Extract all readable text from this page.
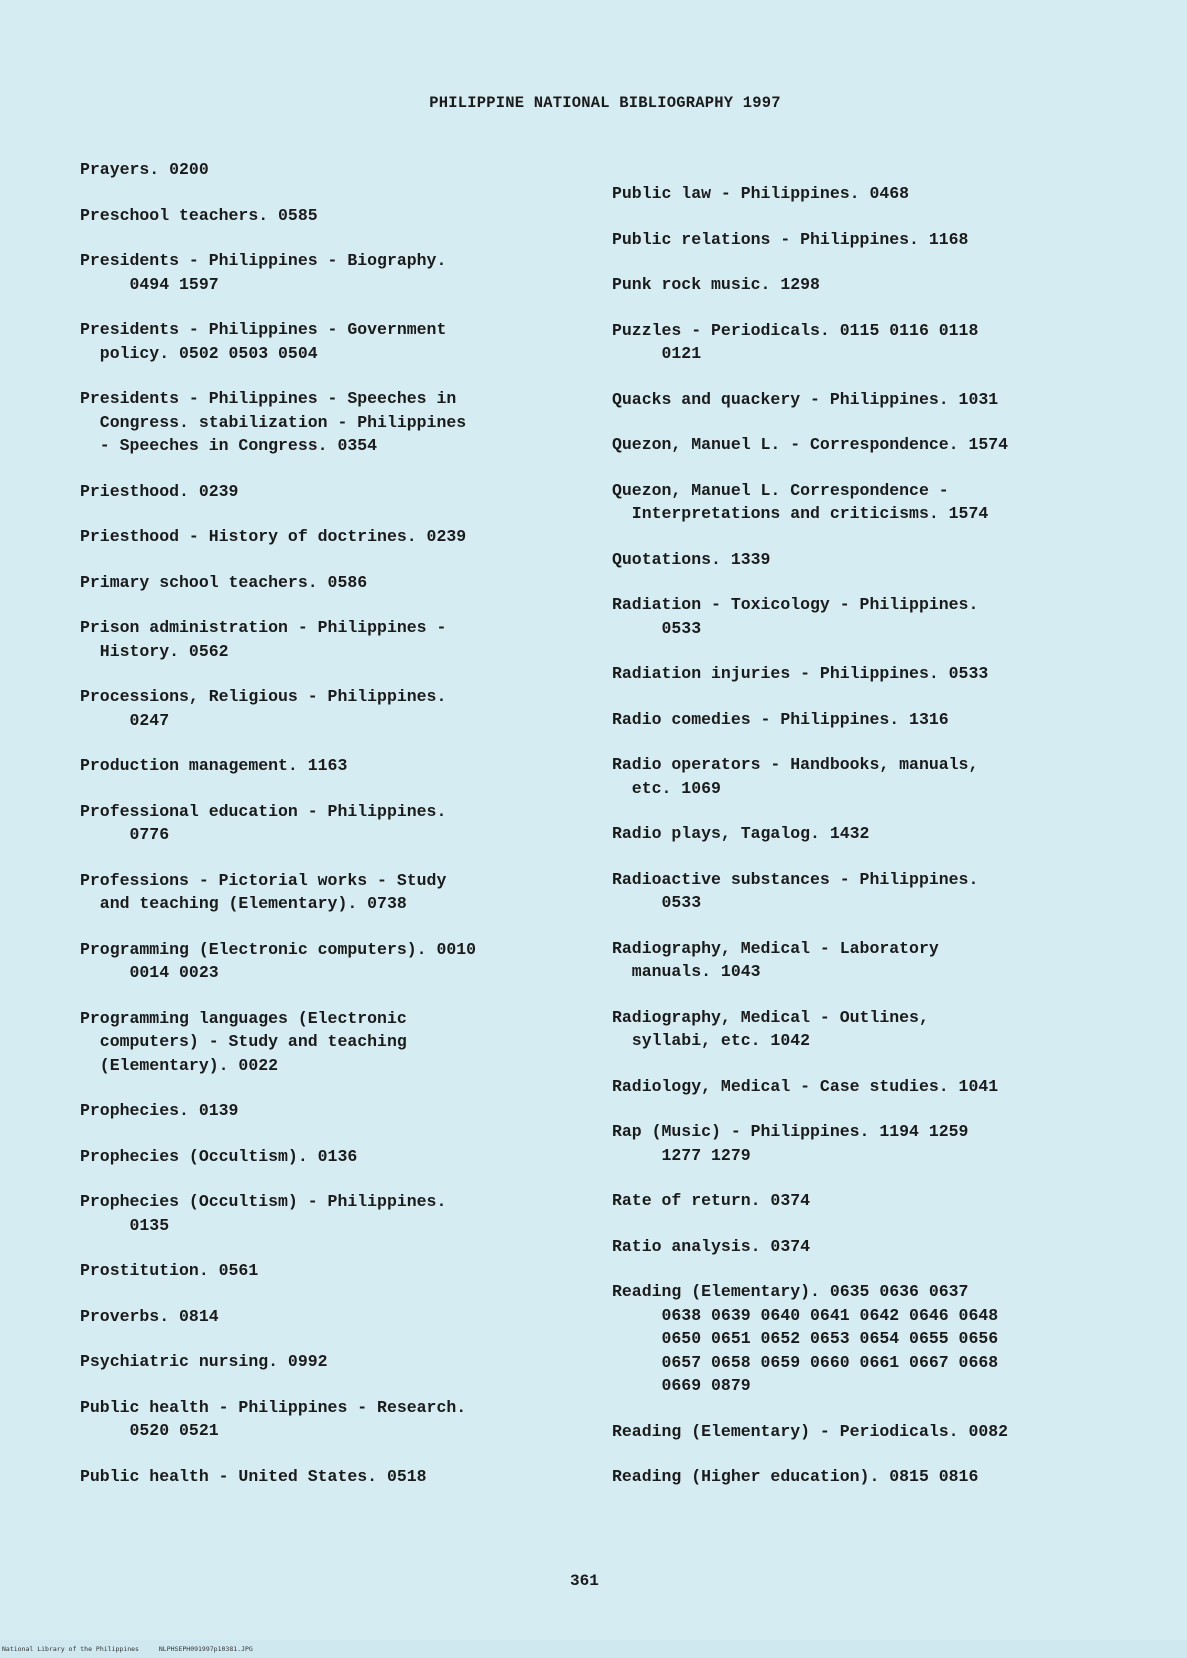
PHILIPPINE NATIONAL BIBLIOGRAPHY 1997
Prayers. 0200
Preschool teachers. 0585
Presidents - Philippines - Biography.
0494 1597
Presidents - Philippines - Government
policy. 0502 0503 0504
Presidents - Philippines - Speeches in
Congress. stabilization - Philippines
- Speeches in Congress. 0354
Priesthood. 0239
Priesthood - History of doctrines. 0239
Primary school teachers. 0586
Prison administration - Philippines -
History. 0562
Processions, Religious - Philippines.
0247
Production management. 1163
Professional education - Philippines.
0776
Professions - Pictorial works - Study
and teaching (Elementary). 0738
Programming (Electronic computers). 0010
0014 0023
Programming languages (Electronic
computers) - Study and teaching
(Elementary). 0022
Prophecies. 0139
Prophecies (Occultism). 0136
Prophecies (Occultism) - Philippines.
0135
Prostitution. 0561
Proverbs. 0814
Psychiatric nursing. 0992
Public health - Philippines - Research.
0520 0521
Public health - United States. 0518
Public law - Philippines. 0468
Public relations - Philippines. 1168
Punk rock music. 1298
Puzzles - Periodicals. 0115 0116 0118
0121
Quacks and quackery - Philippines. 1031
Quezon, Manuel L. - Correspondence. 1574
Quezon, Manuel L. Correspondence -
Interpretations and criticisms. 1574
Quotations. 1339
Radiation - Toxicology - Philippines.
0533
Radiation injuries - Philippines. 0533
Radio comedies - Philippines. 1316
Radio operators - Handbooks, manuals,
etc. 1069
Radio plays, Tagalog. 1432
Radioactive substances - Philippines.
0533
Radiography, Medical - Laboratory
manuals. 1043
Radiography, Medical - Outlines,
syllabi, etc. 1042
Radiology, Medical - Case studies. 1041
Rap (Music) - Philippines. 1194 1259
1277 1279
Rate of return. 0374
Ratio analysis. 0374
Reading (Elementary). 0635 0636 0637
0638 0639 0640 0641 0642 0646 0648
0650 0651 0652 0653 0654 0655 0656
0657 0658 0659 0660 0661 0667 0668
0669 0879
Reading (Elementary) - Periodicals. 0082
Reading (Higher education). 0815 0816
361
National Library of the Philippines	NLPHSEPH091997p10381.JPG
